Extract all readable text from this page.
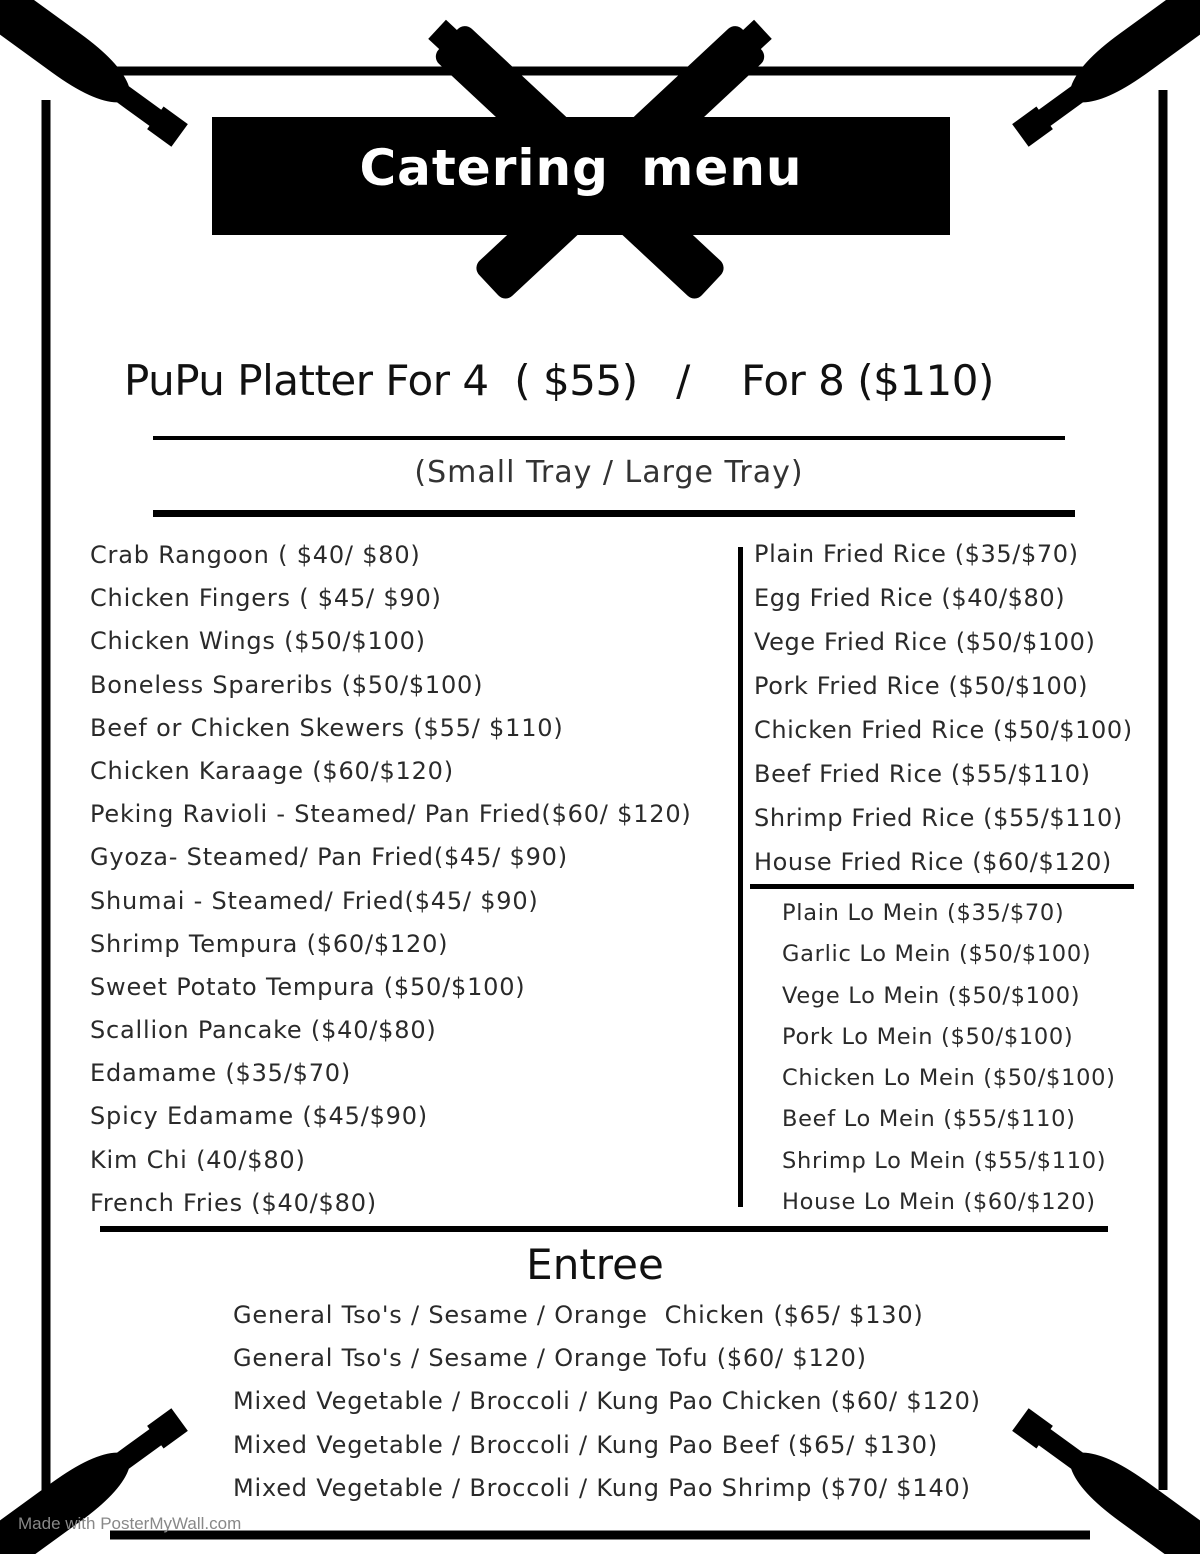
Catering menu
PuPu Platter For 4  ( $55)   /    For 8 ($110)
(Small Tray / Large Tray)
Crab Rangoon ( $40/ $80)
Chicken Fingers ( $45/ $90)
Chicken Wings ($50/$100)
Boneless Spareribs ($50/$100)
Beef or Chicken Skewers ($55/ $110)
Chicken Karaage ($60/$120)
Peking Ravioli - Steamed/ Pan Fried($60/ $120)
Gyoza- Steamed/ Pan Fried($45/ $90)
Shumai - Steamed/ Fried($45/ $90)
Shrimp Tempura ($60/$120)
Sweet Potato Tempura ($50/$100)
Scallion Pancake ($40/$80)
Edamame ($35/$70)
Spicy Edamame ($45/$90)
Kim Chi (40/$80)
French Fries ($40/$80)
Plain Fried Rice ($35/$70)
Egg Fried Rice ($40/$80)
Vege Fried Rice ($50/$100)
Pork Fried Rice ($50/$100)
Chicken Fried Rice ($50/$100)
Beef Fried Rice ($55/$110)
Shrimp Fried Rice ($55/$110)
House Fried Rice ($60/$120)
Plain Lo Mein ($35/$70)
Garlic Lo Mein ($50/$100)
Vege Lo Mein ($50/$100)
Pork Lo Mein ($50/$100)
Chicken Lo Mein ($50/$100)
Beef Lo Mein ($55/$110)
Shrimp Lo Mein ($55/$110)
House Lo Mein ($60/$120)
Entree
General Tso's / Sesame / Orange  Chicken ($65/ $130)
General Tso's / Sesame / Orange Tofu ($60/ $120)
Mixed Vegetable / Broccoli / Kung Pao Chicken ($60/ $120)
Mixed Vegetable / Broccoli / Kung Pao Beef ($65/ $130)
Mixed Vegetable / Broccoli / Kung Pao Shrimp ($70/ $140)
Made with PosterMyWall.com
